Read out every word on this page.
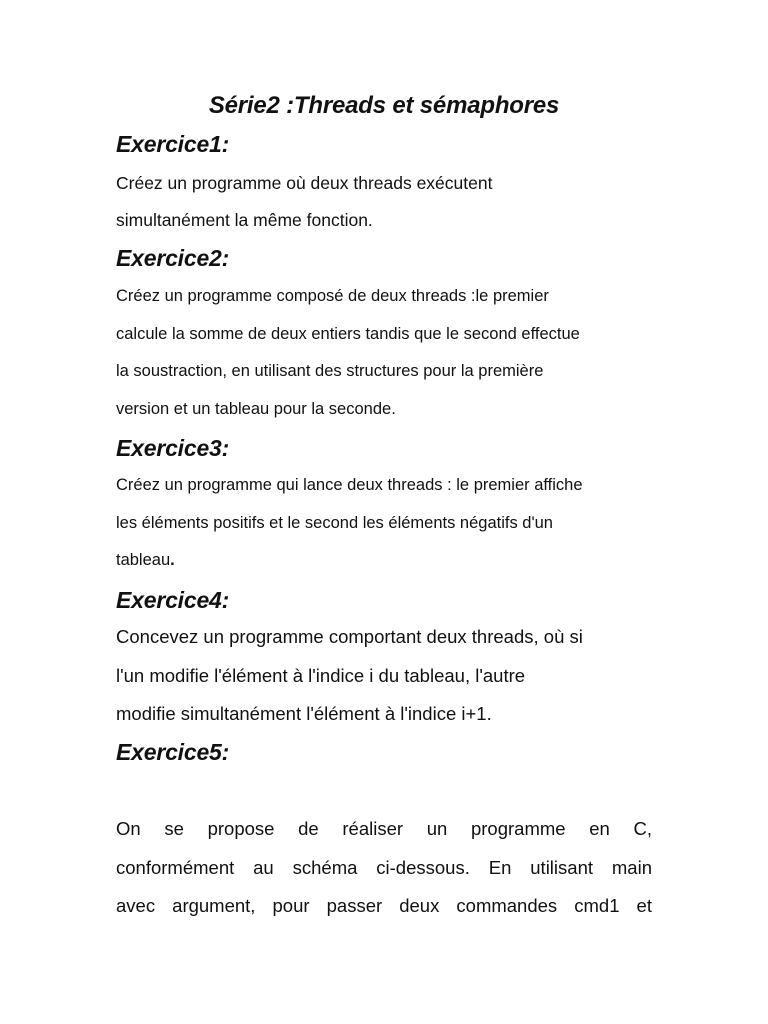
Série2 :Threads et sémaphores
Exercice1:
Créez un programme où deux threads exécutent
simultanément la même fonction.
Exercice2:
Créez un programme composé de deux threads :le premier
calcule la somme de deux entiers tandis que le second effectue
la soustraction, en utilisant des structures pour la première
version et un tableau pour la seconde.
Exercice3:
Créez un programme qui lance deux threads : le premier affiche
les éléments positifs et le second les éléments négatifs d'un
tableau.
Exercice4:
Concevez un programme comportant deux threads, où si
l'un modifie l'élément à l'indice i du tableau, l'autre
modifie simultanément l'élément à l'indice i+1.
Exercice5:
On se propose de réaliser un programme en C,
conformément au schéma ci-dessous. En utilisant main
avec argument, pour passer deux commandes cmd1 et
